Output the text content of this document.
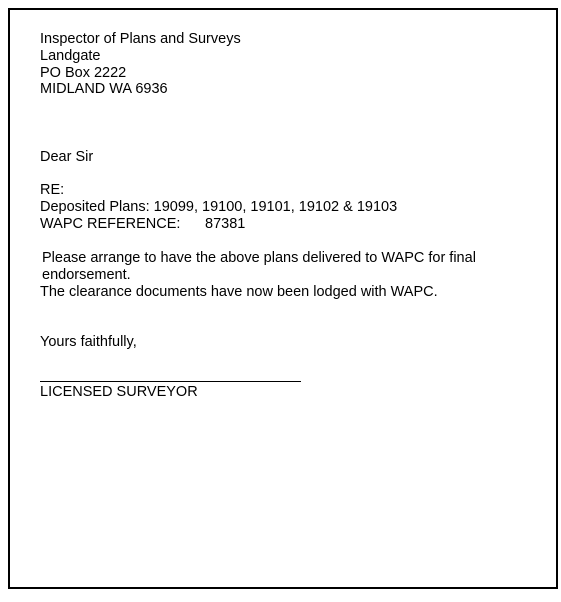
Inspector of Plans and Surveys

Landgate

PO Box 2222

MIDLAND WA 6936

Dear Sir

RE:

Deposited Plans: 19099, 19100, 19101, 19102 & 19103

WAPC REFERENCE: 87381

Please arrange to have the above plans delivered to WAPC for final

endorsement.

The clearance documents have now been lodged with WAPC.

Yours faithfully,

LICENSED SURVEYOR
